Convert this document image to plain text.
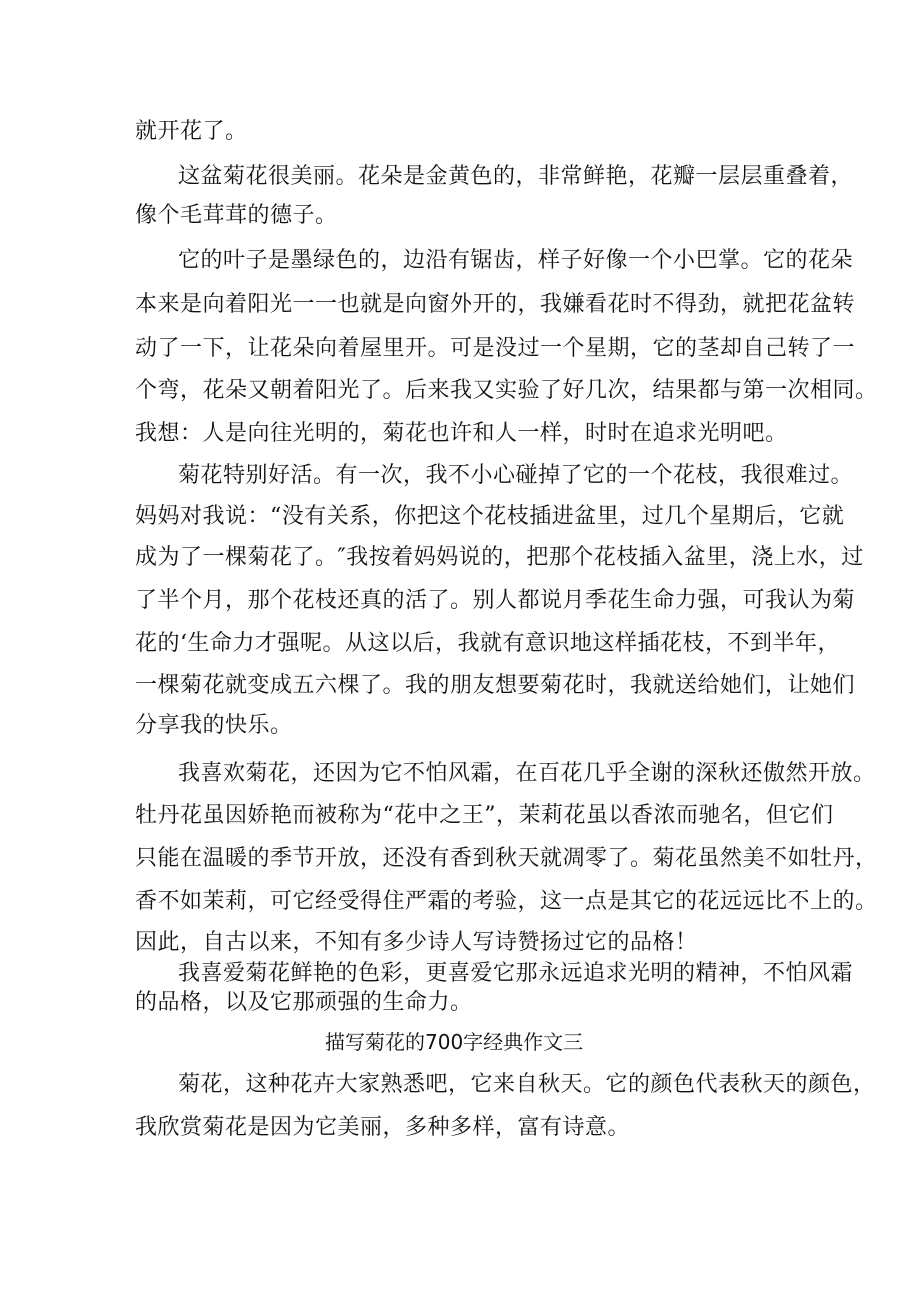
就开花了。
这盆菊花很美丽。花朵是金黄色的，非常鲜艳，花瓣一层层重叠着，
像个毛茸茸的德子。
它的叶子是墨绿色的，边沿有锯齿，样子好像一个小巴掌。它的花朵
本来是向着阳光一一也就是向窗外开的，我嫌看花时不得劲，就把花盆转
动了一下，让花朵向着屋里开。可是没过一个星期，它的茎却自己转了一
个弯，花朵又朝着阳光了。后来我又实验了好几次，结果都与第一次相同。
我想：人是向往光明的，菊花也许和人一样，时时在追求光明吧。
菊花特别好活。有一次，我不小心碰掉了它的一个花枝，我很难过。
妈妈对我说：“没有关系，你把这个花枝插进盆里，过几个星期后，它就
成为了一棵菊花了。″我按着妈妈说的，把那个花枝插入盆里，浇上水，过
了半个月，那个花枝还真的活了。别人都说月季花生命力强，可我认为菊
花的‘生命力才强呢。从这以后，我就有意识地这样插花枝，不到半年，
一棵菊花就变成五六棵了。我的朋友想要菊花时，我就送给她们，让她们
分享我的快乐。
我喜欢菊花，还因为它不怕风霜，在百花几乎全谢的深秋还傲然开放。
牡丹花虽因娇艳而被称为“花中之王”，茉莉花虽以香浓而驰名，但它们
只能在温暖的季节开放，还没有香到秋天就凋零了。菊花虽然美不如牡丹，
香不如茉莉，可它经受得住严霜的考验，这一点是其它的花远远比不上的。
因此，自古以来，不知有多少诗人写诗赞扬过它的品格！
我喜爱菊花鲜艳的色彩，更喜爱它那永远追求光明的精神，不怕风霜
的品格，以及它那顽强的生命力。
描写菊花的700字经典作文三
菊花，这种花卉大家熟悉吧，它来自秋天。它的颜色代表秋天的颜色，
我欣赏菊花是因为它美丽，多种多样，富有诗意。
